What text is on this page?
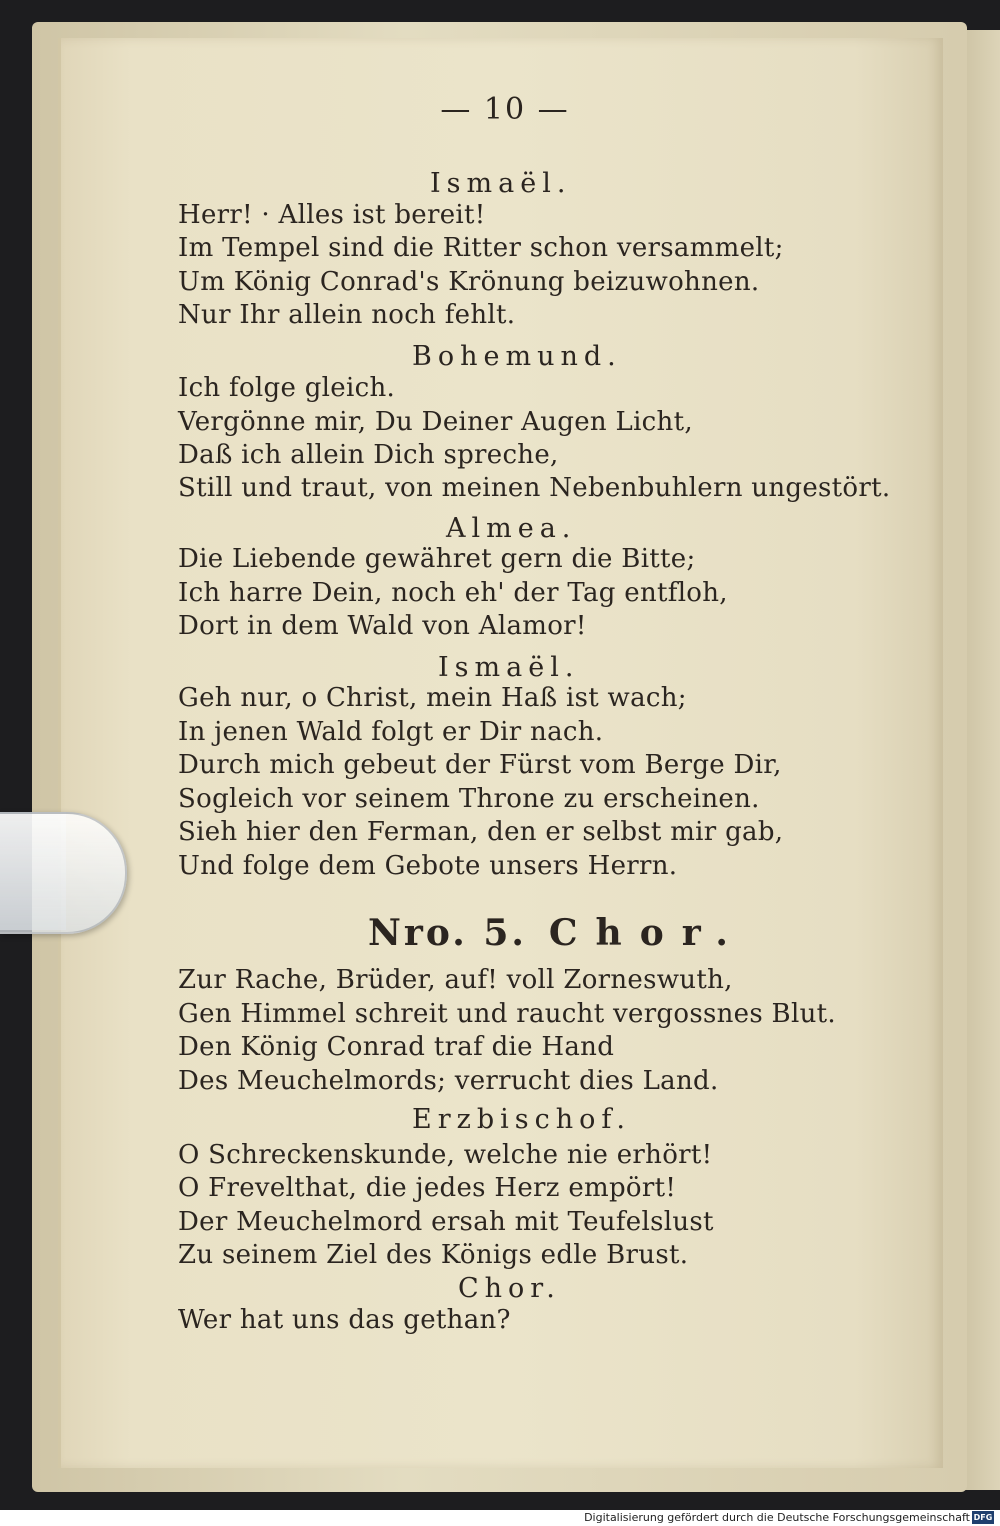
— 10 —
Ismaël.
Herr! · Alles ist bereit!
Im Tempel sind die Ritter schon versammelt;
Um König Conrad's Krönung beizuwohnen.
Nur Ihr allein noch fehlt.
Bohemund.
Ich folge gleich.
Vergönne mir, Du Deiner Augen Licht,
Daß ich allein Dich spreche,
Still und traut, von meinen Nebenbuhlern ungestört.
Almea.
Die Liebende gewähret gern die Bitte;
Ich harre Dein, noch eh' der Tag entfloh,
Dort in dem Wald von Alamor!
Ismaël.
Geh nur, o Christ, mein Haß ist wach;
In jenen Wald folgt er Dir nach.
Durch mich gebeut der Fürst vom Berge Dir,
Sogleich vor seinem Throne zu erscheinen.
Sieh hier den Ferman, den er selbst mir gab,
Und folge dem Gebote unsers Herrn.
Nro. 5. Chor.
Zur Rache, Brüder, auf! voll Zorneswuth,
Gen Himmel schreit und raucht vergossnes Blut.
Den König Conrad traf die Hand
Des Meuchelmords; verrucht dies Land.
Erzbischof.
O Schreckenskunde, welche nie erhört!
O Frevelthat, die jedes Herz empört!
Der Meuchelmord ersah mit Teufelslust
Zu seinem Ziel des Königs edle Brust.
Chor.
Wer hat uns das gethan?
Digitalisierung gefördert durch die Deutsche Forschungsgemeinschaft DFG
